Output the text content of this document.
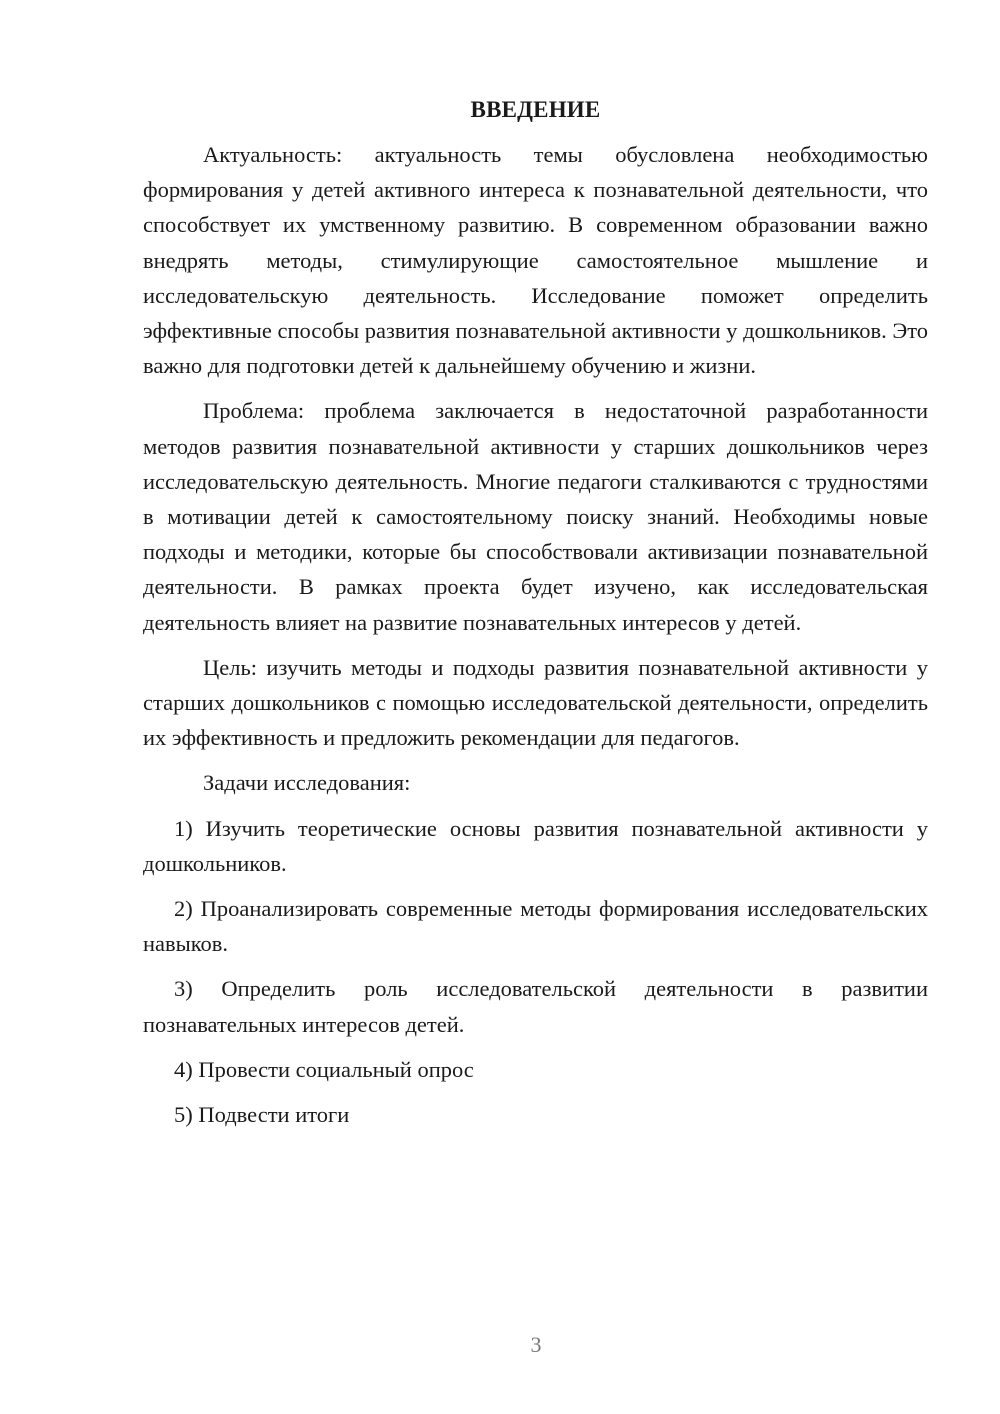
ВВЕДЕНИЕ

Актуальность: актуальность темы обусловлена необходимостью формирования у детей активного интереса к познавательной деятельности, что способствует их умственному развитию. В современном образовании важно внедрять методы, стимулирующие самостоятельное мышление и исследовательскую деятельность. Исследование поможет определить эффективные способы развития познавательной активности у дошкольников. Это важно для подготовки детей к дальнейшему обучению и жизни.

Проблема: проблема заключается в недостаточной разработанности методов развития познавательной активности у старших дошкольников через исследовательскую деятельность. Многие педагоги сталкиваются с трудностями в мотивации детей к самостоятельному поиску знаний. Необходимы новые подходы и методики, которые бы способствовали активизации познавательной деятельности. В рамках проекта будет изучено, как исследовательская деятельность влияет на развитие познавательных интересов у детей.

Цель: изучить методы и подходы развития познавательной активности у старших дошкольников с помощью исследовательской деятельности, определить их эффективность и предложить рекомендации для педагогов.

Задачи исследования:

1) Изучить теоретические основы развития познавательной активности у дошкольников.

2) Проанализировать современные методы формирования исследовательских навыков.

3) Определить роль исследовательской деятельности в развитии познавательных интересов детей.

4) Провести социальный опрос

5) Подвести итоги

3
